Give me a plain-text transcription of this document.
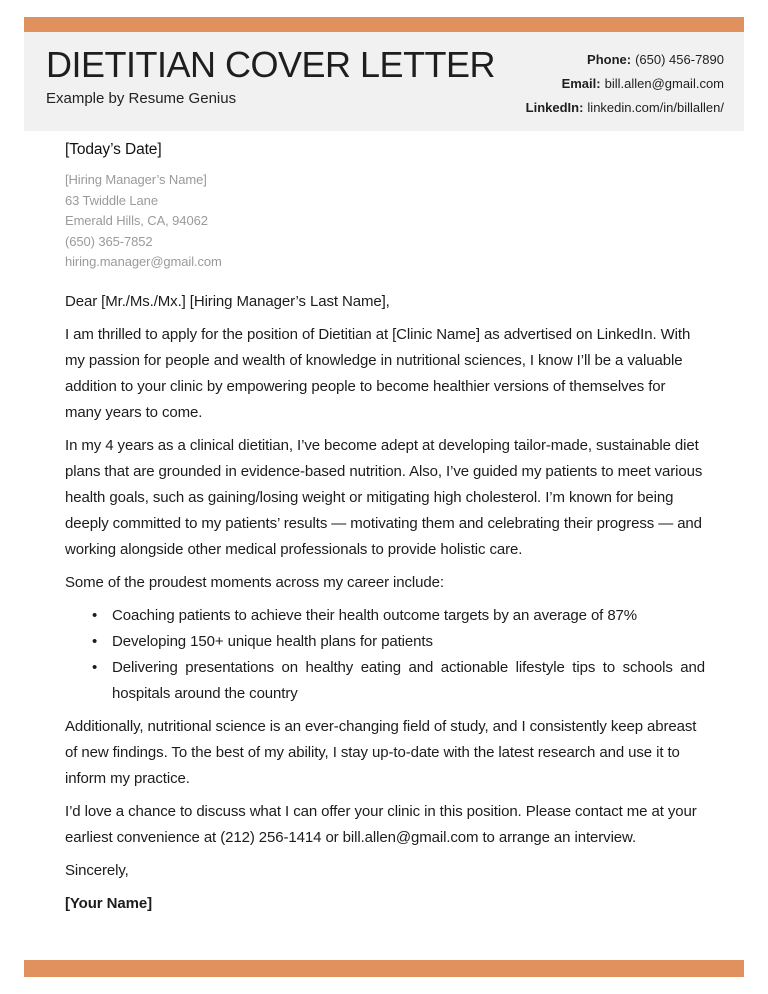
DIETITIAN COVER LETTER
Example by Resume Genius
Phone: (650) 456-7890
Email: bill.allen@gmail.com
LinkedIn: linkedin.com/in/billallen/
[Today’s Date]
[Hiring Manager’s Name]
63 Twiddle Lane
Emerald Hills, CA, 94062
(650) 365-7852
hiring.manager@gmail.com

Dear [Mr./Ms./Mx.] [Hiring Manager’s Last Name],

I am thrilled to apply for the position of Dietitian at [Clinic Name] as advertised on LinkedIn. With my passion for people and wealth of knowledge in nutritional sciences, I know I’ll be a valuable addition to your clinic by empowering people to become healthier versions of themselves for many years to come.

In my 4 years as a clinical dietitian, I’ve become adept at developing tailor-made, sustainable diet plans that are grounded in evidence-based nutrition. Also, I’ve guided my patients to meet various health goals, such as gaining/losing weight or mitigating high cholesterol. I’m known for being deeply committed to my patients’ results — motivating them and celebrating their progress — and working alongside other medical professionals to provide holistic care.

Some of the proudest moments across my career include:

• Coaching patients to achieve their health outcome targets by an average of 87%
• Developing 150+ unique health plans for patients
• Delivering presentations on healthy eating and actionable lifestyle tips to schools and hospitals around the country

Additionally, nutritional science is an ever-changing field of study, and I consistently keep abreast of new findings. To the best of my ability, I stay up-to-date with the latest research and use it to inform my practice.

I’d love a chance to discuss what I can offer your clinic in this position. Please contact me at your earliest convenience at (212) 256-1414 or bill.allen@gmail.com to arrange an interview.

Sincerely,

[Your Name]
